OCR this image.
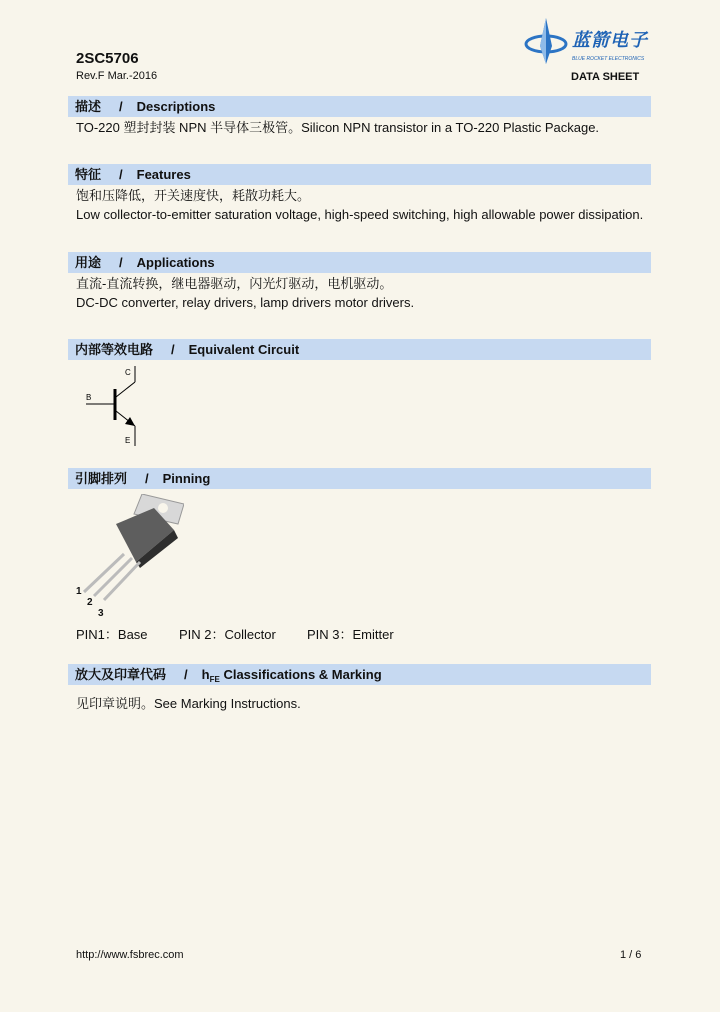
2SC5706
Rev.F Mar.-2016
蓝箭电子
BLUE ROCKET ELECTRONICS
DATA SHEET
描述 / Descriptions
TO-220 塑封封装 NPN 半导体三极管。Silicon NPN transistor in a TO-220 Plastic Package.
特征 / Features
饱和压降低，开关速度快，耗散功耗大。
Low collector-to-emitter saturation voltage, high-speed switching, high allowable power dissipation.
用途 / Applications
直流-直流转换，继电器驱动，闪光灯驱动，电机驱动。
DC-DC converter, relay drivers, lamp drivers motor drivers.
内部等效电路 / Equivalent Circuit
C
B
E
引脚排列 / Pinning
1
2
3
PIN1：Base PIN 2：Collector PIN 3：Emitter
放大及印章代码 / $h_{FE}$ Classifications & Marking
见印章说明。See Marking Instructions.
http://www.fsbrec.com	1 / 6
